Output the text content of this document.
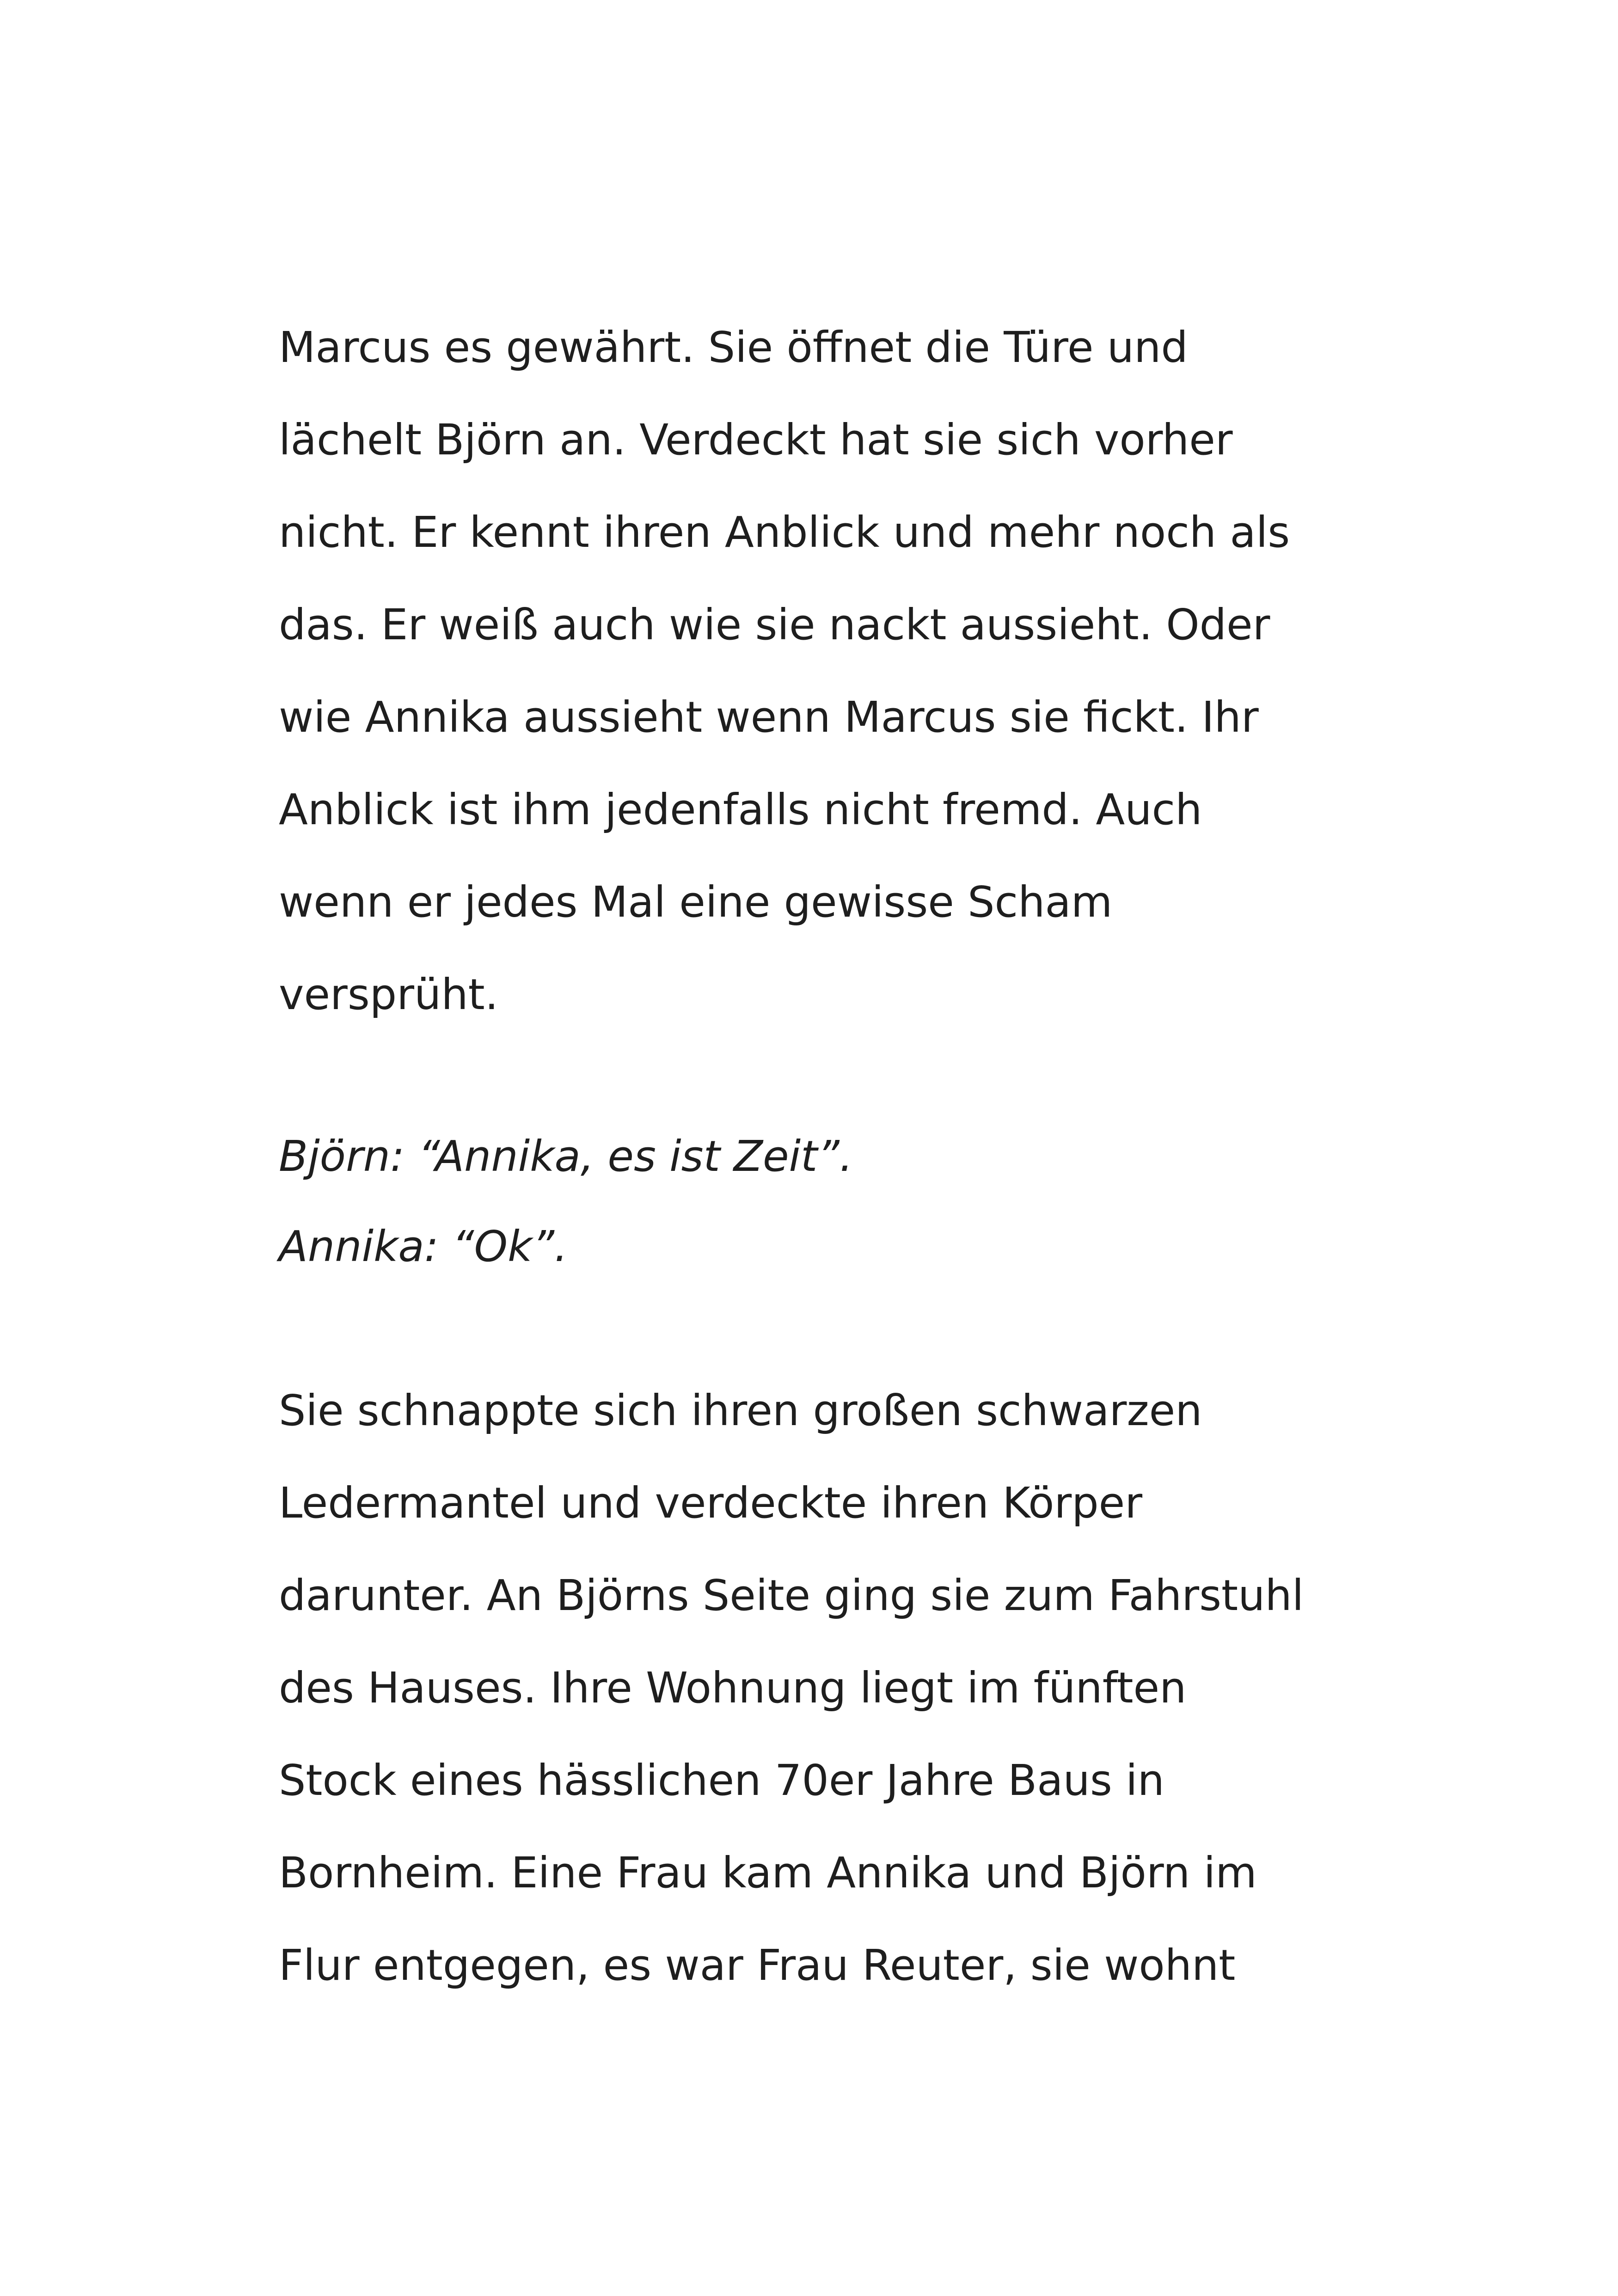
Marcus es gewährt. Sie öffnet die Türe und
lächelt Björn an. Verdeckt hat sie sich vorher
nicht. Er kennt ihren Anblick und mehr noch als
das. Er weiß auch wie sie nackt aussieht. Oder
wie Annika aussieht wenn Marcus sie fickt. Ihr
Anblick ist ihm jedenfalls nicht fremd. Auch
wenn er jedes Mal eine gewisse Scham
versprüht.
Björn: “Annika, es ist Zeit”.
Annika: “Ok”.
Sie schnappte sich ihren großen schwarzen
Ledermantel und verdeckte ihren Körper
darunter. An Björns Seite ging sie zum Fahrstuhl
des Hauses. Ihre Wohnung liegt im fünften
Stock eines hässlichen 70er Jahre Baus in
Bornheim. Eine Frau kam Annika und Björn im
Flur entgegen, es war Frau Reuter, sie wohnt
